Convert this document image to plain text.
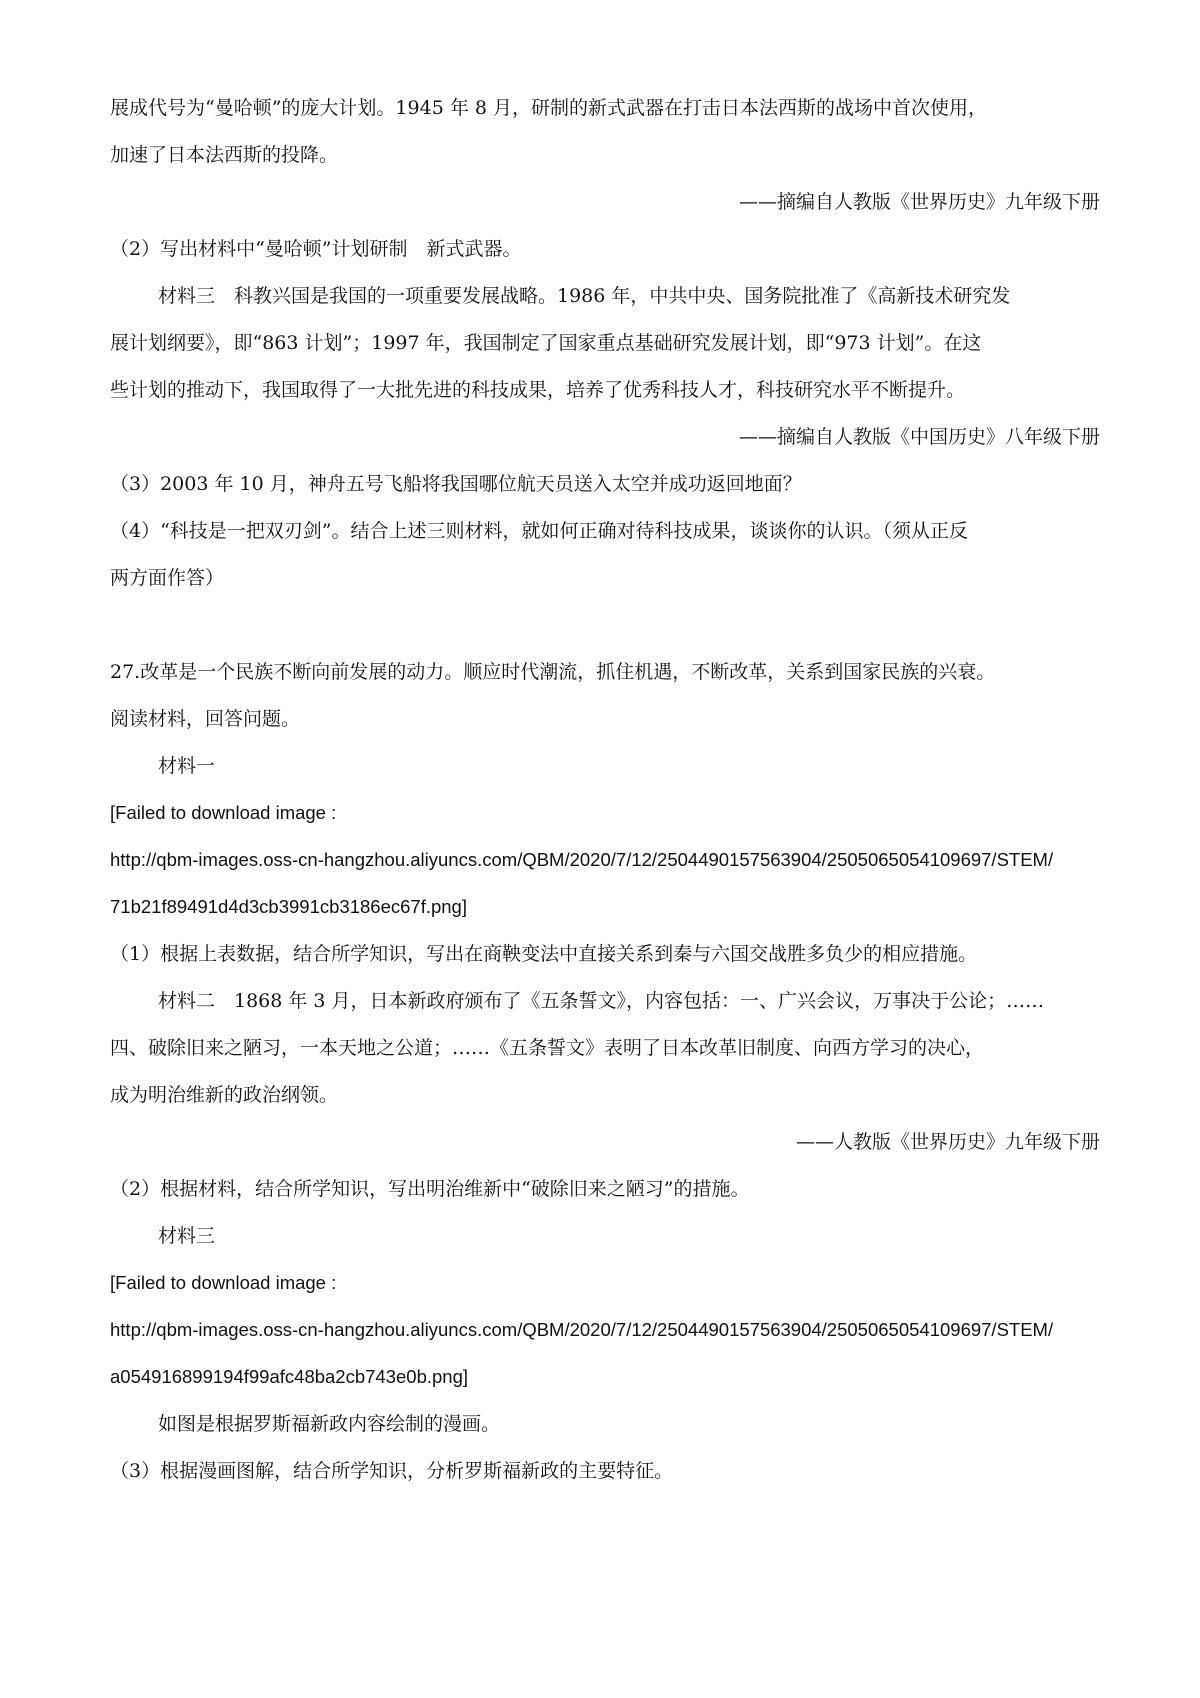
展成代号为“曼哈顿”的庞大计划。1945 年 8 月，研制的新式武器在打击日本法西斯的战场中首次使用，

加速了日本法西斯的投降。

——摘编自人教版《世界历史》九年级下册

（2）写出材料中“曼哈顿”计划研制　新式武器。

材料三　科教兴国是我国的一项重要发展战略。1986 年，中共中央、国务院批准了《高新技术研究发

展计划纲要》，即“863 计划”；1997 年，我国制定了国家重点基础研究发展计划，即“973 计划”。在这

些计划的推动下，我国取得了一大批先进的科技成果，培养了优秀科技人才，科技研究水平不断提升。

——摘编自人教版《中国历史》八年级下册

（3）2003 年 10 月，神舟五号飞船将我国哪位航天员送入太空并成功返回地面？

（4）“科技是一把双刃剑”。结合上述三则材料，就如何正确对待科技成果，谈谈你的认识。（须从正反

两方面作答）

27.改革是一个民族不断向前发展的动力。顺应时代潮流，抓住机遇，不断改革，关系到国家民族的兴衰。

阅读材料，回答问题。

材料一

[Failed to download image :

http://qbm-images.oss-cn-hangzhou.aliyuncs.com/QBM/2020/7/12/2504490157563904/2505065054109697/STEM/

71b21f89491d4d3cb3991cb3186ec67f.png]

（1）根据上表数据，结合所学知识，写出在商鞅变法中直接关系到秦与六国交战胜多负少的相应措施。

材料二　1868 年 3 月，日本新政府颁布了《五条誓文》，内容包括：一、广兴会议，万事决于公论；……

四、破除旧来之陋习，一本天地之公道；……《五条誓文》表明了日本改革旧制度、向西方学习的决心，

成为明治维新的政治纲领。

——人教版《世界历史》九年级下册

（2）根据材料，结合所学知识，写出明治维新中“破除旧来之陋习”的措施。

材料三

[Failed to download image :

http://qbm-images.oss-cn-hangzhou.aliyuncs.com/QBM/2020/7/12/2504490157563904/2505065054109697/STEM/

a054916899194f99afc48ba2cb743e0b.png]

如图是根据罗斯福新政内容绘制的漫画。

（3）根据漫画图解，结合所学知识，分析罗斯福新政的主要特征。
